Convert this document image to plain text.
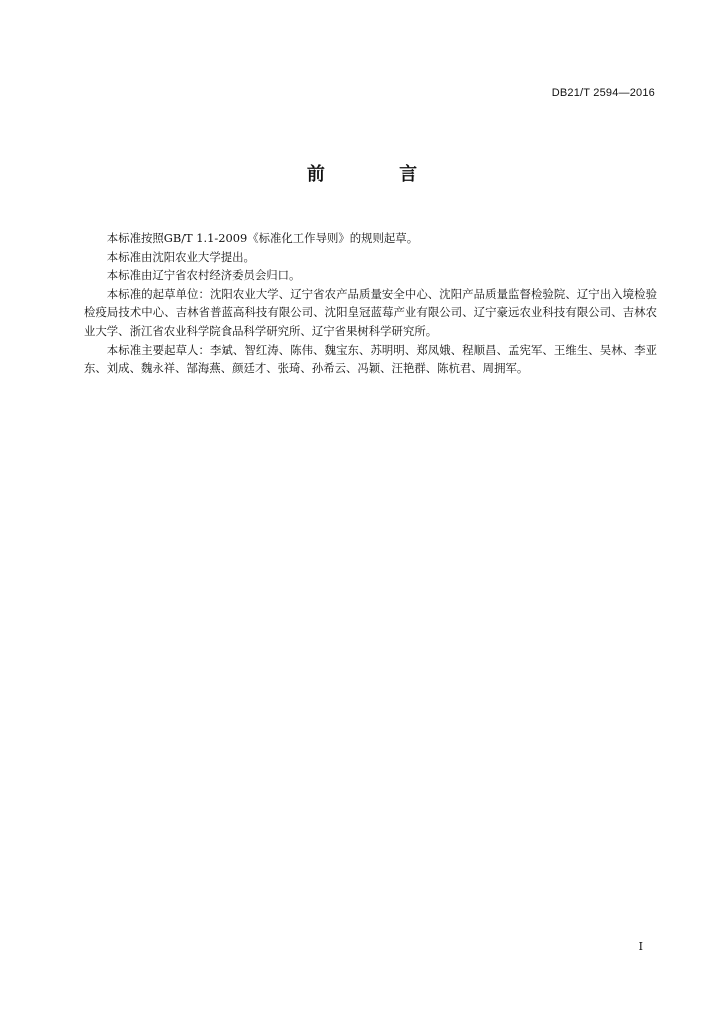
DB21/T 2594—2016
前 言

本标准按照GB/T 1.1-2009《标准化工作导则》的规则起草。

本标准由沈阳农业大学提出。

本标准由辽宁省农村经济委员会归口。

本标准的起草单位：沈阳农业大学、辽宁省农产品质量安全中心、沈阳产品质量监督检验院、辽宁出入境检验检疫局技术中心、吉林省普蓝高科技有限公司、沈阳皇冠蓝莓产业有限公司、辽宁豪远农业科技有限公司、吉林农业大学、浙江省农业科学院食品科学研究所、辽宁省果树科学研究所。

本标准主要起草人：李斌、智红涛、陈伟、魏宝东、苏明明、郑凤娥、程顺昌、孟宪军、王维生、吴林、李亚东、刘成、魏永祥、郜海燕、颜廷才、张琦、孙希云、冯颖、汪艳群、陈杭君、周拥军。

I
